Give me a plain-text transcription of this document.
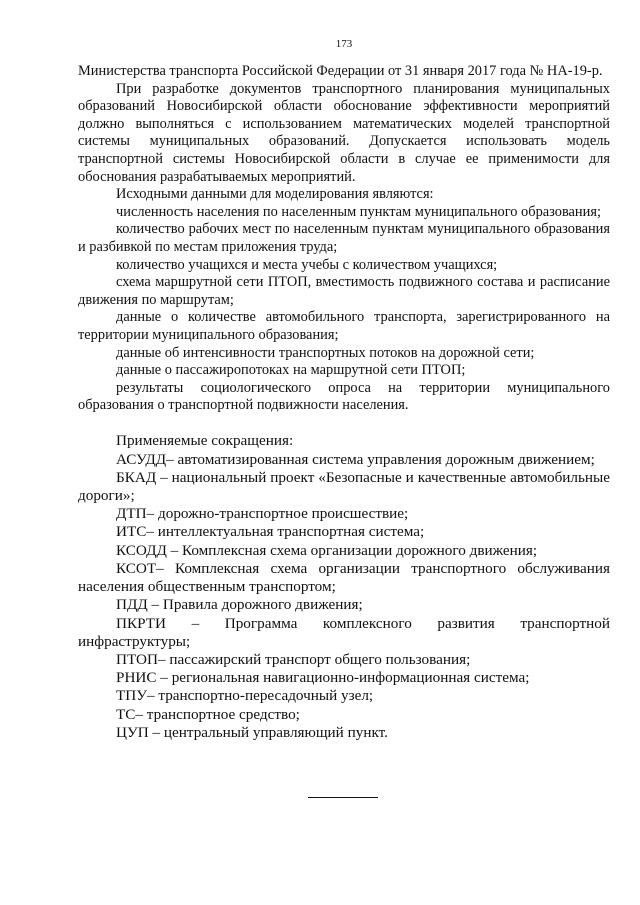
173

Министерства транспорта Российской Федерации от 31 января 2017 года № НА-19-р.

При разработке документов транспортного планирования муниципальных образований Новосибирской области обоснование эффективности мероприятий должно выполняться с использованием математических моделей транспортной системы муниципальных образований. Допускается использовать модель транспортной системы Новосибирской области в случае ее применимости для обоснования разрабатываемых мероприятий.

Исходными данными для моделирования являются:

численность населения по населенным пунктам муниципального образования;

количество рабочих мест по населенным пунктам муниципального образования и разбивкой по местам приложения труда;

количество учащихся и места учебы с количеством учащихся;

схема маршрутной сети ПТОП, вместимость подвижного состава и расписание движения по маршрутам;

данные о количестве автомобильного транспорта, зарегистрированного на территории муниципального образования;

данные об интенсивности транспортных потоков на дорожной сети;

данные о пассажиропотоках на маршрутной сети ПТОП;

результаты социологического опроса на территории муниципального образования о транспортной подвижности населения.

Применяемые сокращения:

АСУДД– автоматизированная система управления дорожным движением;

БКАД – национальный проект «Безопасные и качественные автомобильные дороги»;

ДТП– дорожно-транспортное происшествие;

ИТС– интеллектуальная транспортная система;

КСОДД – Комплексная схема организации дорожного движения;

КСОТ– Комплексная схема организации транспортного обслуживания населения общественным транспортом;

ПДД – Правила дорожного движения;

ПКРТИ – Программа комплексного развития транспортной инфраструктуры;

ПТОП– пассажирский транспорт общего пользования;

РНИС – региональная навигационно-информационная система;

ТПУ– транспортно-пересадочный узел;

ТС– транспортное средство;

ЦУП – центральный управляющий пункт.
